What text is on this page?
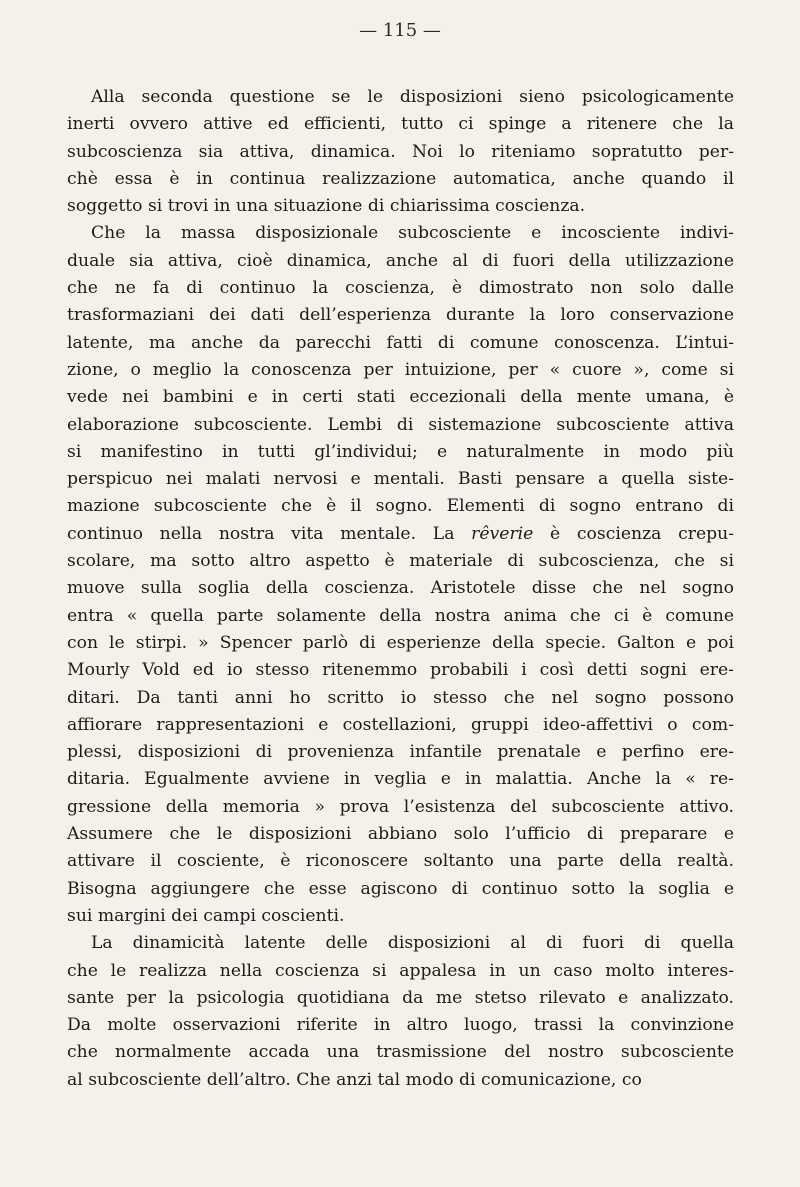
— 115 —
Alla seconda questione se le disposizioni sieno psicologicamente
inerti ovvero attive ed efficienti, tutto ci spinge a ritenere che la
subcoscienza sia attiva, dinamica. Noi lo riteniamo sopratutto per-
chè essa è in continua realizzazione automatica, anche quando il
soggetto si trovi in una situazione di chiarissima coscienza.
Che la massa disposizionale subcosciente e incosciente indivi-
duale sia attiva, cioè dinamica, anche al di fuori della utilizzazione
che ne fa di continuo la coscienza, è dimostrato non solo dalle
trasformaziani dei dati dell’esperienza durante la loro conservazione
latente, ma anche da parecchi fatti di comune conoscenza. L’intui-
zione, o meglio la conoscenza per intuizione, per « cuore », come si
vede nei bambini e in certi stati eccezionali della mente umana, è
elaborazione subcosciente. Lembi di sistemazione subcosciente attiva
si manifestino in tutti gl’individui; e naturalmente in modo più
perspicuo nei malati nervosi e mentali. Basti pensare a quella siste-
mazione subcosciente che è il sogno. Elementi di sogno entrano di
continuo nella nostra vita mentale. La rêverie è coscienza crepu-
scolare, ma sotto altro aspetto è materiale di subcoscienza, che si
muove sulla soglia della coscienza. Aristotele disse che nel sogno
entra « quella parte solamente della nostra anima che ci è comune
con le stirpi. » Spencer parlò di esperienze della specie. Galton e poi
Mourly Vold ed io stesso ritenemmo probabili i così detti sogni ere-
ditari. Da tanti anni ho scritto io stesso che nel sogno possono
affiorare rappresentazioni e costellazioni, gruppi ideo-affettivi o com-
plessi, disposizioni di provenienza infantile prenatale e perfino ere-
ditaria. Egualmente avviene in veglia e in malattia. Anche la « re-
gressione della memoria » prova l’esistenza del subcosciente attivo.
Assumere che le disposizioni abbiano solo l’ufficio di preparare e
attivare il cosciente, è riconoscere soltanto una parte della realtà.
Bisogna aggiungere che esse agiscono di continuo sotto la soglia e
sui margini dei campi coscienti.
La dinamicità latente delle disposizioni al di fuori di quella
che le realizza nella coscienza si appalesa in un caso molto interes-
sante per la psicologia quotidiana da me stetso rilevato e analizzato.
Da molte osservazioni riferite in altro luogo, trassi la convinzione
che normalmente accada una trasmissione del nostro subcosciente
al subcosciente dell’altro. Che anzi tal modo di comunicazione, co
